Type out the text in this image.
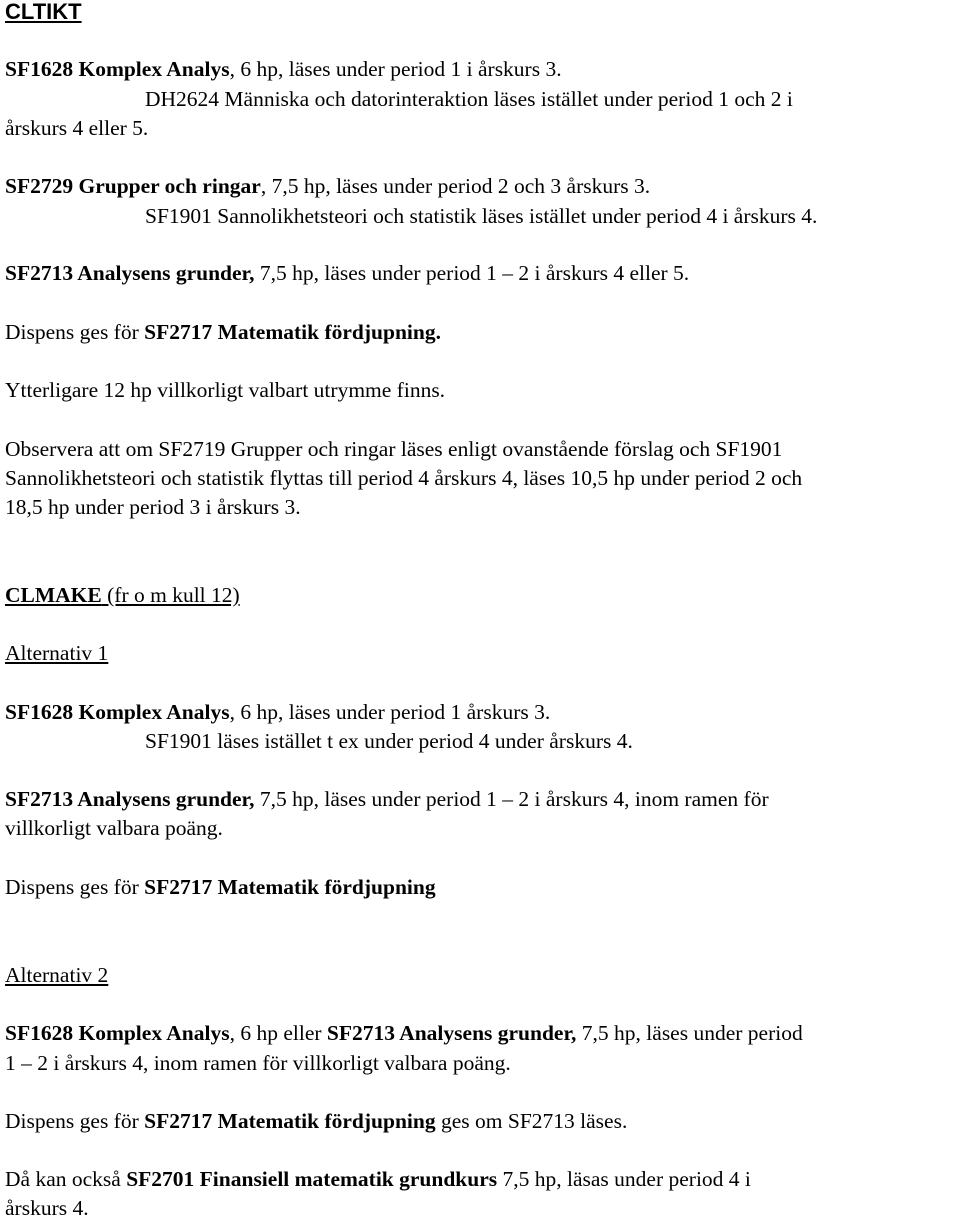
CLTIKT
SF1628 Komplex Analys, 6 hp, läses under period 1 i årskurs 3.
DH2624 Människa och datorinteraktion läses istället under period 1 och 2 i
årskurs 4 eller 5.
SF2729 Grupper och ringar, 7,5 hp, läses under period 2 och 3 årskurs 3.
SF1901 Sannolikhetsteori och statistik läses istället under period 4 i årskurs 4.
SF2713 Analysens grunder, 7,5 hp, läses under period 1 – 2 i årskurs 4 eller 5.
Dispens ges för SF2717 Matematik fördjupning.
Ytterligare 12 hp villkorligt valbart utrymme finns.
Observera att om SF2719 Grupper och ringar läses enligt ovanstående förslag och SF1901
Sannolikhetsteori och statistik flyttas till period 4 årskurs 4, läses 10,5 hp under period 2 och
18,5 hp under period 3 i årskurs 3.
CLMAKE (fr o m kull 12)
Alternativ 1
SF1628 Komplex Analys, 6 hp, läses under period 1 årskurs 3.
SF1901 läses istället t ex under period 4 under årskurs 4.
SF2713 Analysens grunder, 7,5 hp, läses under period 1 – 2 i årskurs 4, inom ramen för
villkorligt valbara poäng.
Dispens ges för SF2717 Matematik fördjupning
Alternativ 2
SF1628 Komplex Analys, 6 hp eller SF2713 Analysens grunder, 7,5 hp, läses under period
1 – 2 i årskurs 4, inom ramen för villkorligt valbara poäng.
Dispens ges för SF2717 Matematik fördjupning ges om SF2713 läses.
Då kan också SF2701 Finansiell matematik grundkurs 7,5 hp, läsas under period 4 i
årskurs 4.
